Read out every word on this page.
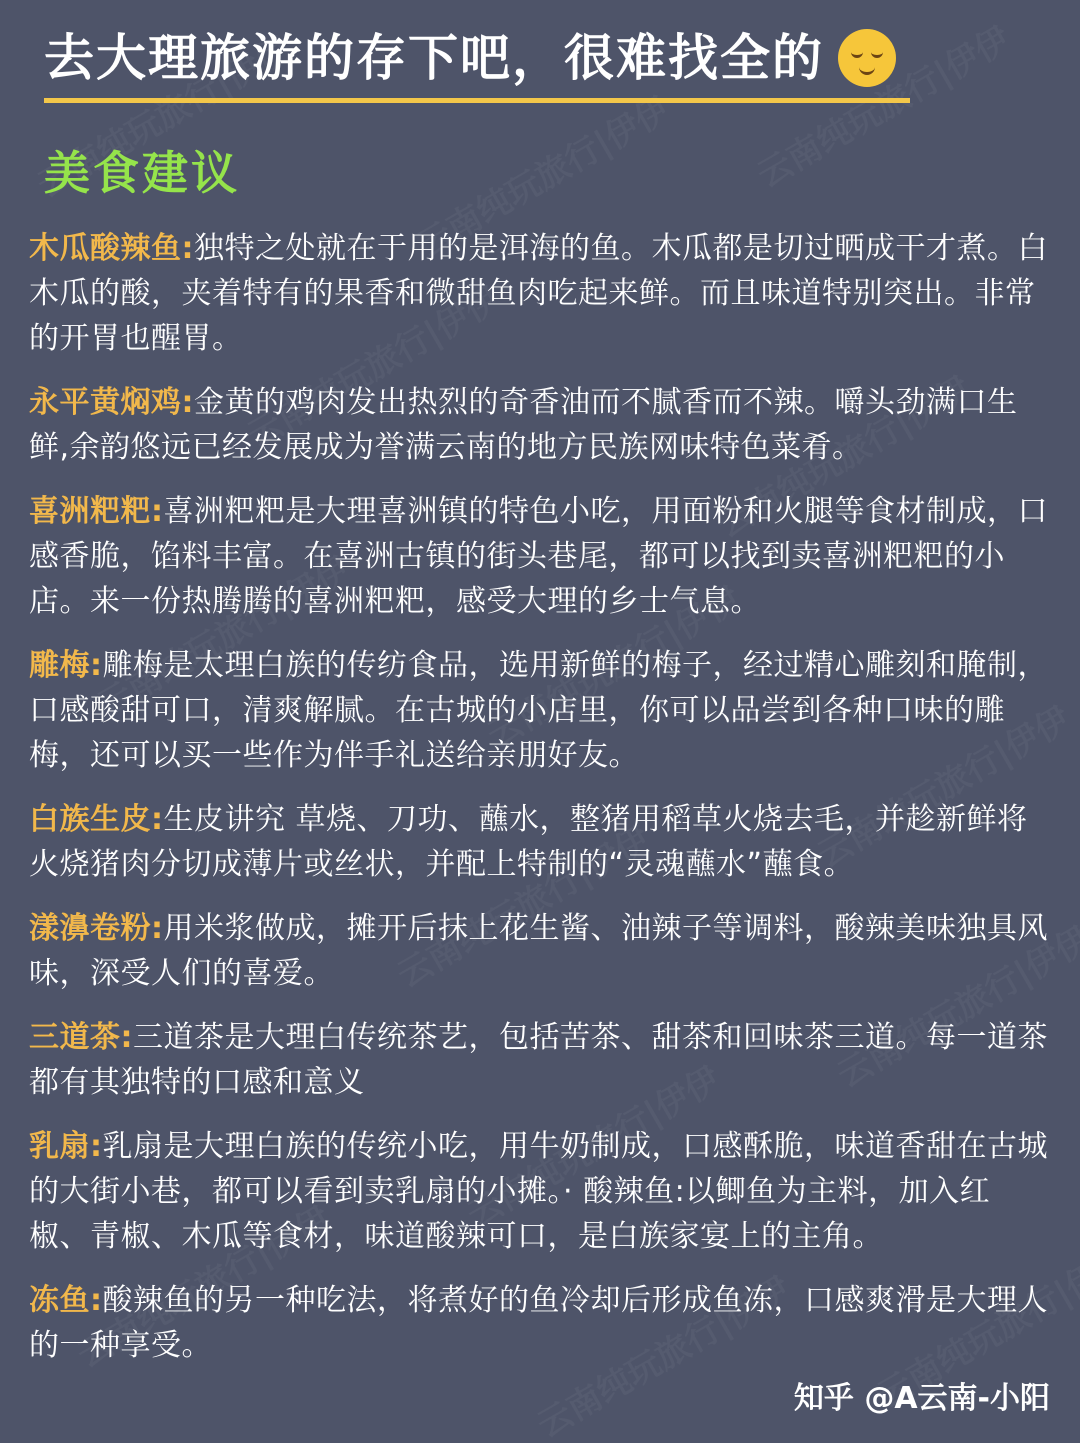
去大理旅游的存下吧，很难找全的
美食建议
木瓜酸辣鱼:独特之处就在于用的是洱海的鱼。木瓜都是切过晒成干才煮。白木瓜的酸，夹着特有的果香和微甜鱼肉吃起来鲜。而且味道特别突出。非常的开胃也醒胃。
永平黄焖鸡:金黄的鸡肉发出热烈的奇香油而不腻香而不辣。嚼头劲满口生鲜,余韵悠远已经发展成为誉满云南的地方民族网味特色菜肴。
喜洲粑粑:喜洲粑粑是大理喜洲镇的特色小吃，用面粉和火腿等食材制成，口感香脆，馅料丰富。在喜洲古镇的街头巷尾，都可以找到卖喜洲粑粑的小店。来一份热腾腾的喜洲粑粑，感受大理的乡士气息。
雕梅:雕梅是太理白族的传纺食品，选用新鲜的梅子，经过精心雕刻和腌制，口感酸甜可口，清爽解腻。在古城的小店里，你可以品尝到各种口味的雕梅，还可以买一些作为伴手礼送给亲朋好友。
白族生皮:生皮讲究 草烧、刀功、蘸水，整猪用稻草火烧去毛，并趁新鲜将火烧猪肉分切成薄片或丝状，并配上特制的“灵魂蘸水”蘸食。
漾濞卷粉:用米浆做成，摊开后抹上花生酱、油辣子等调料，酸辣美味独具风味，深受人们的喜爱。
三道茶:三道茶是大理白传统茶艺，包括苦茶、甜茶和回味茶三道。每一道茶都有其独特的口感和意义
乳扇:乳扇是大理白族的传统小吃，用牛奶制成，口感酥脆，味道香甜在古城的大街小巷，都可以看到卖乳扇的小摊。· 酸辣鱼:以鲫鱼为主料，加入红椒、青椒、木瓜等食材，味道酸辣可口，是白族家宴上的主角。
冻鱼:酸辣鱼的另一种吃法，将煮好的鱼冷却后形成鱼冻，口感爽滑是大理人的一种享受。
知乎 @A云南-小阳
